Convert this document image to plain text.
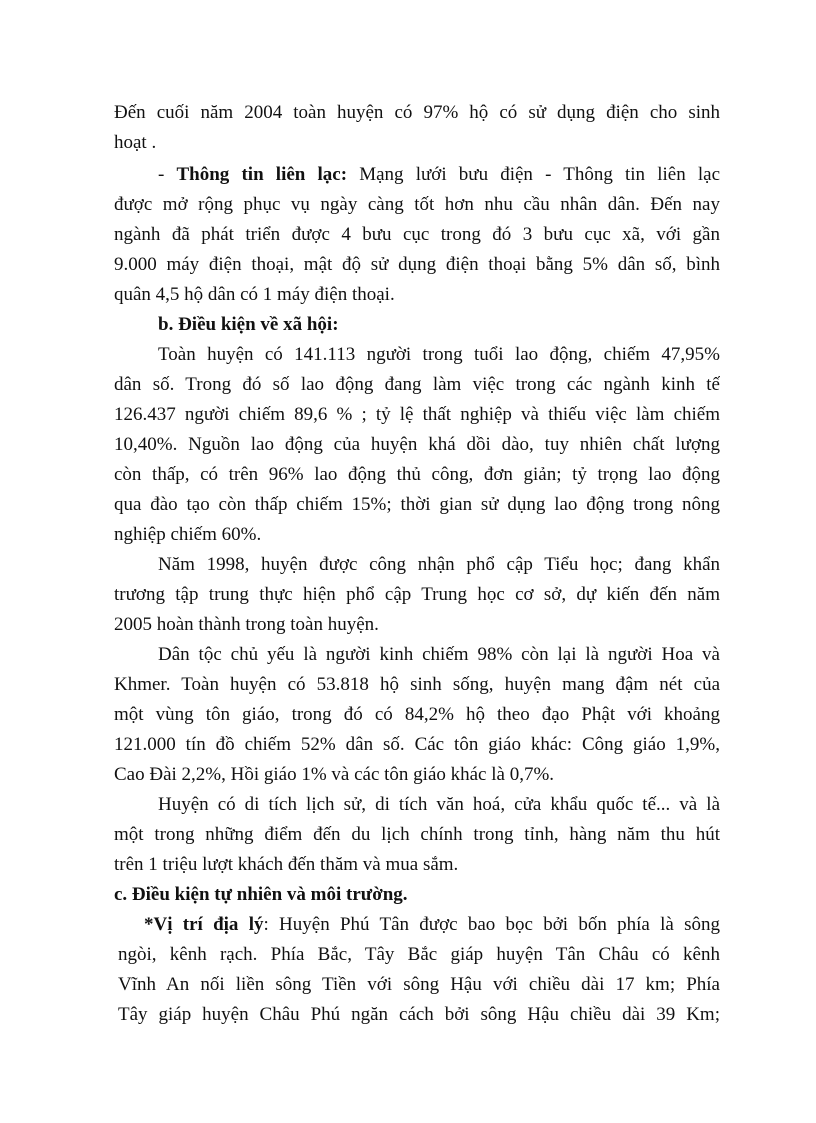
Đến cuối năm 2004 toàn huyện có 97% hộ có sử dụng điện cho sinh
hoạt .
- Thông tin liên lạc: Mạng lưới bưu điện - Thông tin liên lạc
được mở rộng phục vụ ngày càng tốt hơn nhu cầu nhân dân. Đến nay
ngành đã phát triển được 4 bưu cục trong đó 3 bưu cục xã, với gần
9.000 máy điện thoại, mật độ sử dụng điện thoại bằng 5% dân số, bình
quân 4,5 hộ dân có 1 máy điện thoại.
b. Điều kiện về xã hội:
Toàn huyện có 141.113 người trong tuổi lao động, chiếm 47,95%
dân số. Trong đó số lao động đang làm việc trong các ngành kinh tế
126.437 người chiếm 89,6 % ; tỷ lệ thất nghiệp và thiếu việc làm chiếm
10,40%. Nguồn lao động của huyện khá dồi dào, tuy nhiên chất lượng
còn thấp, có trên 96% lao động thủ công, đơn giản; tỷ trọng lao động
qua đào tạo còn thấp chiếm 15%; thời gian sử dụng lao động trong nông
nghiệp chiếm 60%.
Năm 1998, huyện được công nhận phổ cập Tiểu học; đang khẩn
trương tập trung thực hiện phổ cập Trung học cơ sở, dự kiến đến năm
2005 hoàn thành trong toàn huyện.
Dân tộc chủ yếu là người kinh chiếm 98% còn lại là người Hoa và
Khmer. Toàn huyện có 53.818 hộ sinh sống, huyện mang đậm nét của
một vùng tôn giáo, trong đó có 84,2% hộ theo đạo Phật với khoảng
121.000 tín đồ chiếm 52% dân số. Các tôn giáo khác: Công giáo 1,9%,
Cao Đài 2,2%, Hồi giáo 1% và các tôn giáo khác là 0,7%.
Huyện có di tích lịch sử, di tích văn hoá, cửa khẩu quốc tế... và là
một trong những điểm đến du lịch chính trong tỉnh, hàng năm thu hút
trên 1 triệu lượt khách đến thăm và mua sắm.
c. Điều kiện tự nhiên và môi trường.
*Vị trí địa lý: Huyện Phú Tân được bao bọc bởi bốn phía là sông
ngòi, kênh rạch. Phía Bắc, Tây Bắc giáp huyện Tân Châu có kênh
Vĩnh An nối liền sông Tiền với sông Hậu với chiều dài 17 km; Phía
Tây giáp huyện Châu Phú ngăn cách bởi sông Hậu chiều dài 39 Km;
